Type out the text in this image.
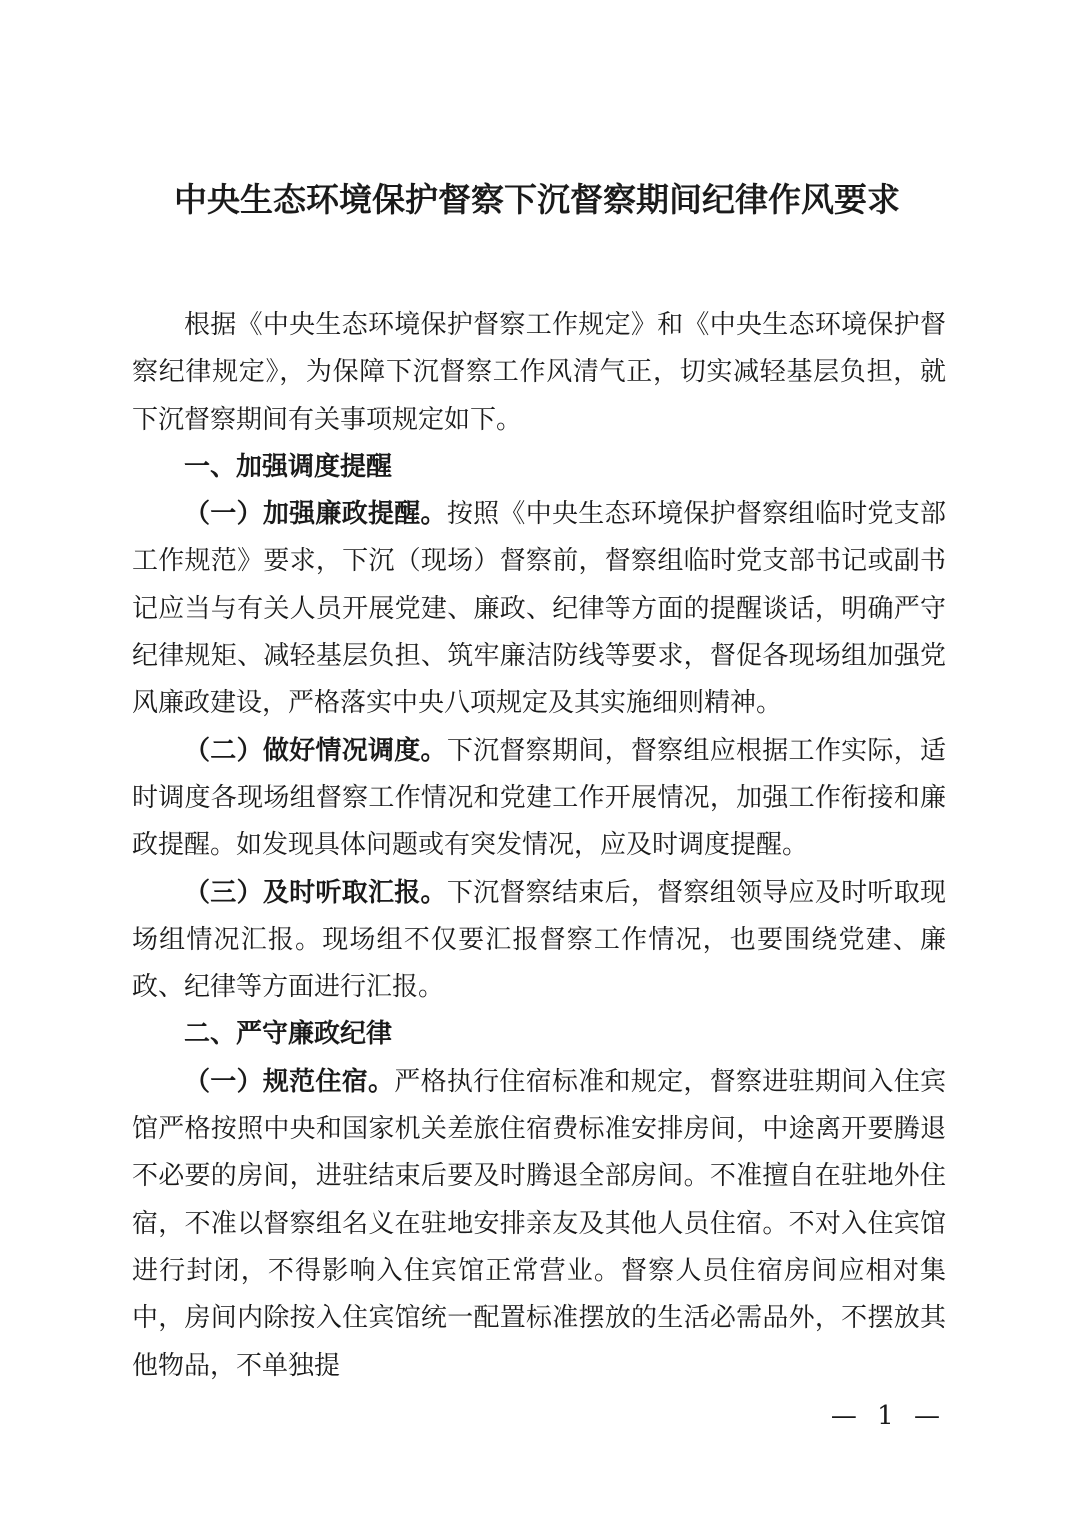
中央生态环境保护督察下沉督察期间纪律作风要求

根据《中央生态环境保护督察工作规定》和《中央生态环境保护督察纪律规定》，为保障下沉督察工作风清气正，切实减轻基层负担，就下沉督察期间有关事项规定如下。

一、加强调度提醒

（一）加强廉政提醒。按照《中央生态环境保护督察组临时党支部工作规范》要求，下沉（现场）督察前，督察组临时党支部书记或副书记应当与有关人员开展党建、廉政、纪律等方面的提醒谈话，明确严守纪律规矩、减轻基层负担、筑牢廉洁防线等要求，督促各现场组加强党风廉政建设，严格落实中央八项规定及其实施细则精神。

（二）做好情况调度。下沉督察期间，督察组应根据工作实际，适时调度各现场组督察工作情况和党建工作开展情况，加强工作衔接和廉政提醒。如发现具体问题或有突发情况，应及时调度提醒。

（三）及时听取汇报。下沉督察结束后，督察组领导应及时听取现场组情况汇报。现场组不仅要汇报督察工作情况，也要围绕党建、廉政、纪律等方面进行汇报。

二、严守廉政纪律

（一）规范住宿。严格执行住宿标准和规定，督察进驻期间入住宾馆严格按照中央和国家机关差旅住宿费标准安排房间，中途离开要腾退不必要的房间，进驻结束后要及时腾退全部房间。不准擅自在驻地外住宿，不准以督察组名义在驻地安排亲友及其他人员住宿。不对入住宾馆进行封闭，不得影响入住宾馆正常营业。督察人员住宿房间应相对集中，房间内除按入住宾馆统一配置标准摆放的生活必需品外，不摆放其他物品，不单独提

— 1 —
